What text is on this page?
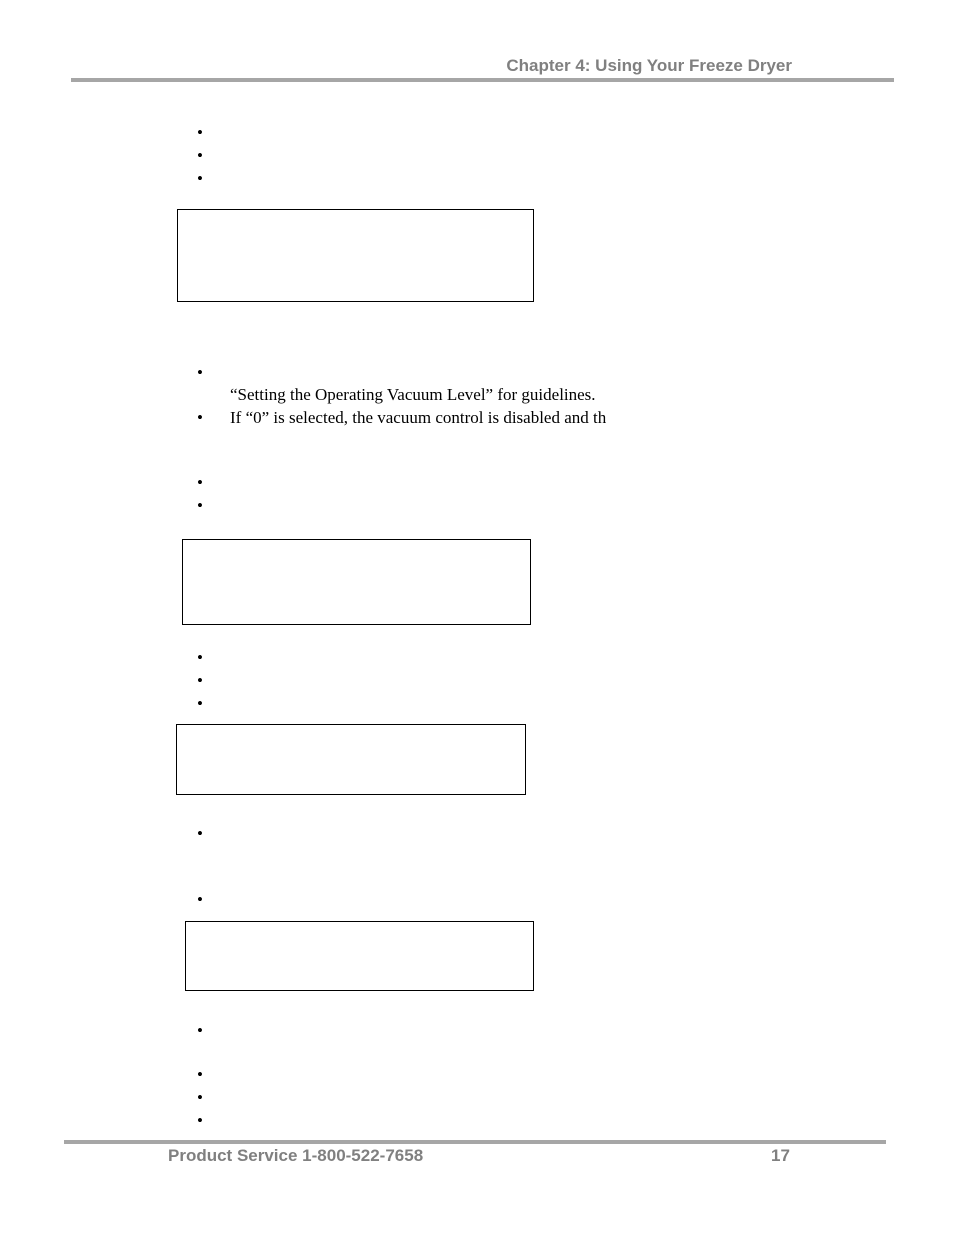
Chapter 4: Using Your Freeze Dryer
•
•
•
•
“Setting the Operating Vacuum Level” for guidelines.
•
If “0” is selected, the vacuum control is disabled and th
•
•
•
•
•
•
•
•
•
•
•
Product Service 1-800-522-7658	17
